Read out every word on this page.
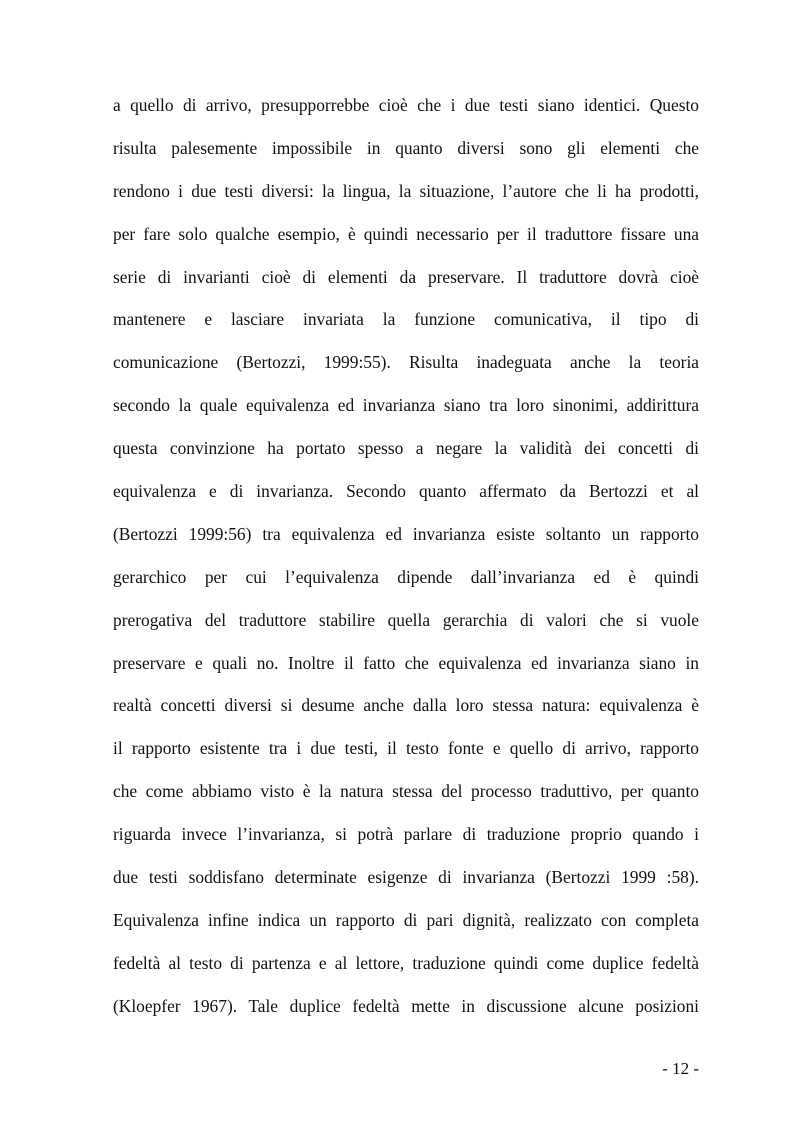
a quello di arrivo, presupporrebbe cioè che i due testi siano identici. Questo
risulta palesemente impossibile in quanto diversi sono gli elementi che
rendono i due testi diversi: la lingua, la situazione, l’autore che li ha prodotti,
per fare solo qualche esempio, è quindi necessario per il traduttore fissare una
serie di invarianti cioè di elementi da preservare. Il traduttore dovrà cioè
mantenere e lasciare invariata la funzione comunicativa, il tipo di
comunicazione (Bertozzi, 1999:55). Risulta inadeguata anche la teoria
secondo la quale equivalenza ed invarianza siano tra loro sinonimi, addirittura
questa convinzione ha portato spesso a negare la validità dei concetti di
equivalenza e di invarianza. Secondo quanto affermato da Bertozzi et al
(Bertozzi 1999:56) tra equivalenza ed invarianza esiste soltanto un rapporto
gerarchico per cui l’equivalenza dipende dall’invarianza ed è quindi
prerogativa del traduttore stabilire quella gerarchia di valori che si vuole
preservare e quali no. Inoltre il fatto che equivalenza ed invarianza siano in
realtà concetti diversi si desume anche dalla loro stessa natura: equivalenza è
il rapporto esistente tra i due testi, il testo fonte e quello di arrivo, rapporto
che come abbiamo visto è la natura stessa del processo traduttivo, per quanto
riguarda invece l’invarianza, si potrà parlare di traduzione proprio quando i
due testi soddisfano determinate esigenze di invarianza (Bertozzi 1999 :58).
Equivalenza infine indica un rapporto di pari dignità, realizzato con completa
fedeltà al testo di partenza e al lettore, traduzione quindi come duplice fedeltà
(Kloepfer 1967). Tale duplice fedeltà mette in discussione alcune posizioni
- 12 -
